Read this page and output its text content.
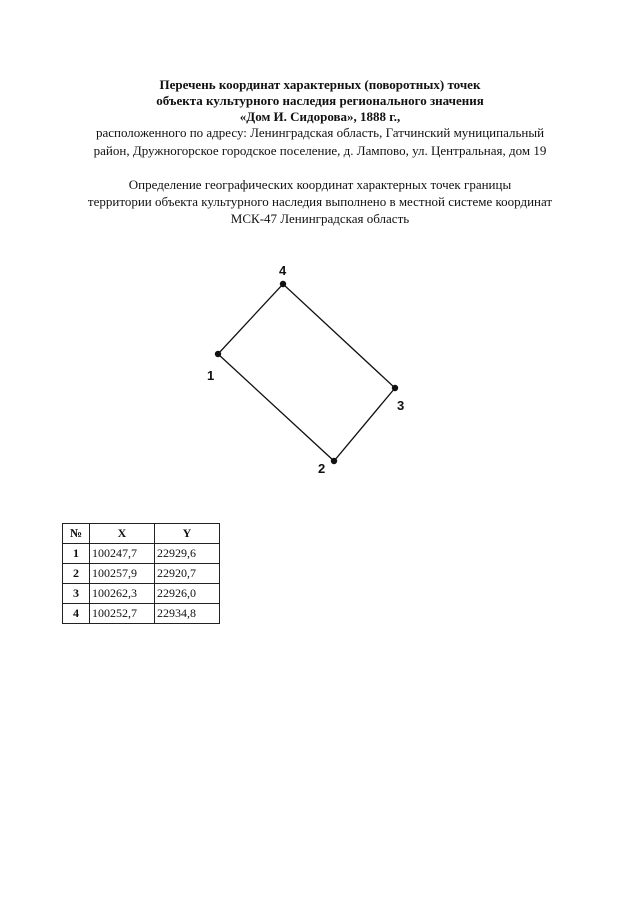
Перечень координат характерных (поворотных) точек
объекта культурного наследия регионального значения
«Дом И. Сидорова», 1888 г.,
расположенного по адресу: Ленинградская область, Гатчинский муниципальный
район, Дружногорское городское поселение, д. Лампово, ул. Центральная, дом 19
Определение географических координат характерных точек границы
территории объекта культурного наследия выполнено в местной системе координат
МСК-47 Ленинградская область
1
2
3
4
№	X	Y
1	100247,7	22929,6
2	100257,9	22920,7
3	100262,3	22926,0
4	100252,7	22934,8
